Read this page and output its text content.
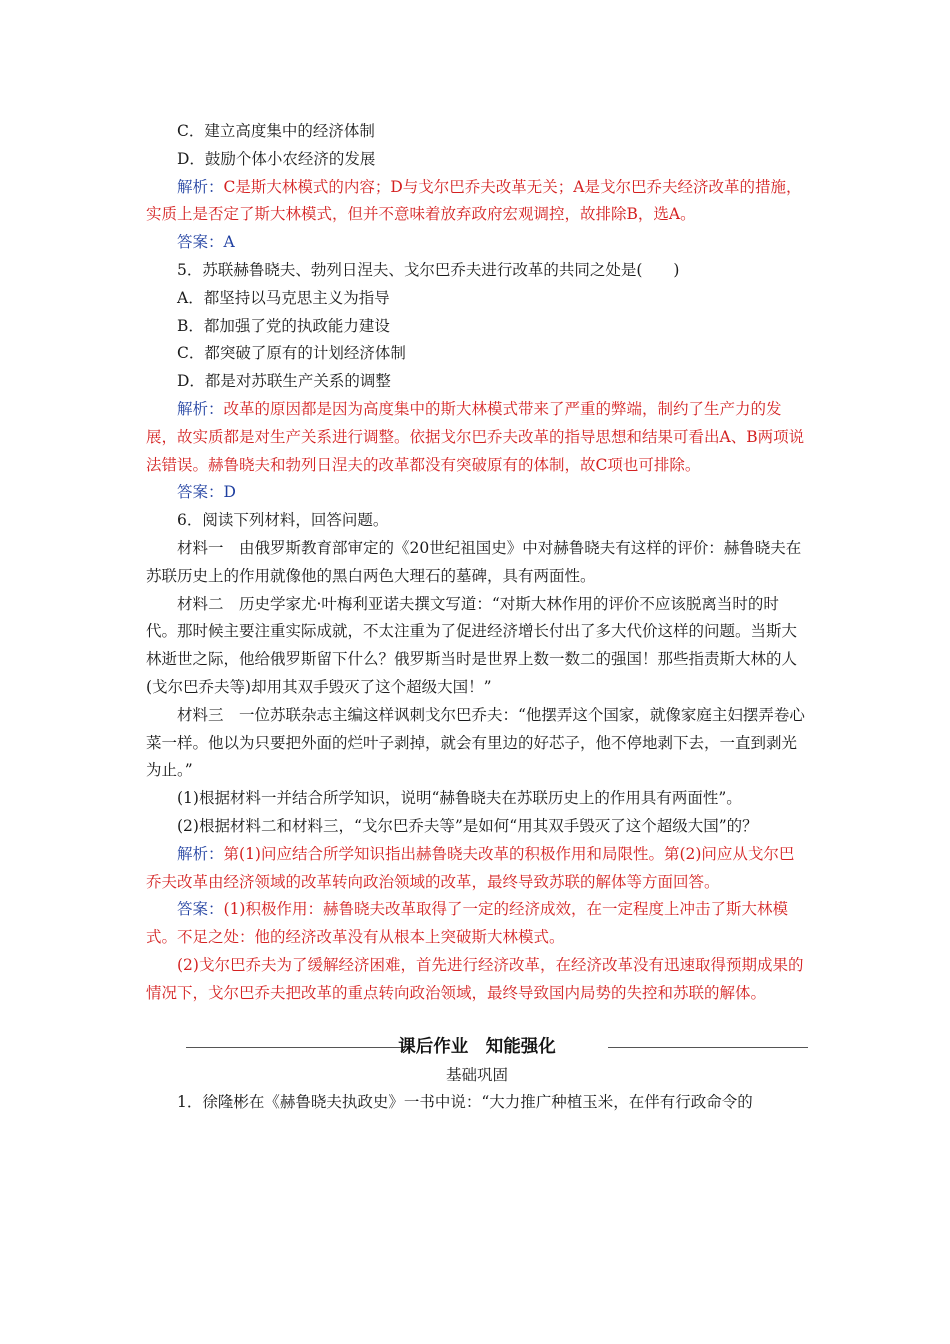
C．建立高度集中的经济体制

D．鼓励个体小农经济的发展

解析：C是斯大林模式的内容；D与戈尔巴乔夫改革无关；A是戈尔巴乔夫经济改革的措施，实质上是否定了斯大林模式，但并不意味着放弃政府宏观调控，故排除B，选A。

答案：A

5．苏联赫鲁晓夫、勃列日涅夫、戈尔巴乔夫进行改革的共同之处是(　　)

A．都坚持以马克思主义为指导

B．都加强了党的执政能力建设

C．都突破了原有的计划经济体制

D．都是对苏联生产关系的调整

解析：改革的原因都是因为高度集中的斯大林模式带来了严重的弊端，制约了生产力的发展，故实质都是对生产关系进行调整。依据戈尔巴乔夫改革的指导思想和结果可看出A、B两项说法错误。赫鲁晓夫和勃列日涅夫的改革都没有突破原有的体制，故C项也可排除。

答案：D

6．阅读下列材料，回答问题。

材料一　由俄罗斯教育部审定的《20世纪祖国史》中对赫鲁晓夫有这样的评价：赫鲁晓夫在苏联历史上的作用就像他的黑白两色大理石的墓碑，具有两面性。

材料二　历史学家尤·叶梅利亚诺夫撰文写道：“对斯大林作用的评价不应该脱离当时的时代。那时候主要注重实际成就，不太注重为了促进经济增长付出了多大代价这样的问题。当斯大林逝世之际，他给俄罗斯留下什么？俄罗斯当时是世界上数一数二的强国！那些指责斯大林的人(戈尔巴乔夫等)却用其双手毁灭了这个超级大国！”

材料三　一位苏联杂志主编这样讽刺戈尔巴乔夫：“他摆弄这个国家，就像家庭主妇摆弄卷心菜一样。他以为只要把外面的烂叶子剥掉，就会有里边的好芯子，他不停地剥下去，一直到剥光为止。”

(1)根据材料一并结合所学知识，说明“赫鲁晓夫在苏联历史上的作用具有两面性”。

(2)根据材料二和材料三，“戈尔巴乔夫等”是如何“用其双手毁灭了这个超级大国”的？

解析：第(1)问应结合所学知识指出赫鲁晓夫改革的积极作用和局限性。第(2)问应从戈尔巴乔夫改革由经济领域的改革转向政治领域的改革，最终导致苏联的解体等方面回答。

答案：(1)积极作用：赫鲁晓夫改革取得了一定的经济成效，在一定程度上冲击了斯大林模式。不足之处：他的经济改革没有从根本上突破斯大林模式。

(2)戈尔巴乔夫为了缓解经济困难，首先进行经济改革，在经济改革没有迅速取得预期成果的情况下，戈尔巴乔夫把改革的重点转向政治领域，最终导致国内局势的失控和苏联的解体。

课后作业　知能强化

基础巩固

1．徐隆彬在《赫鲁晓夫执政史》一书中说：“大力推广种植玉米，在伴有行政命令的
